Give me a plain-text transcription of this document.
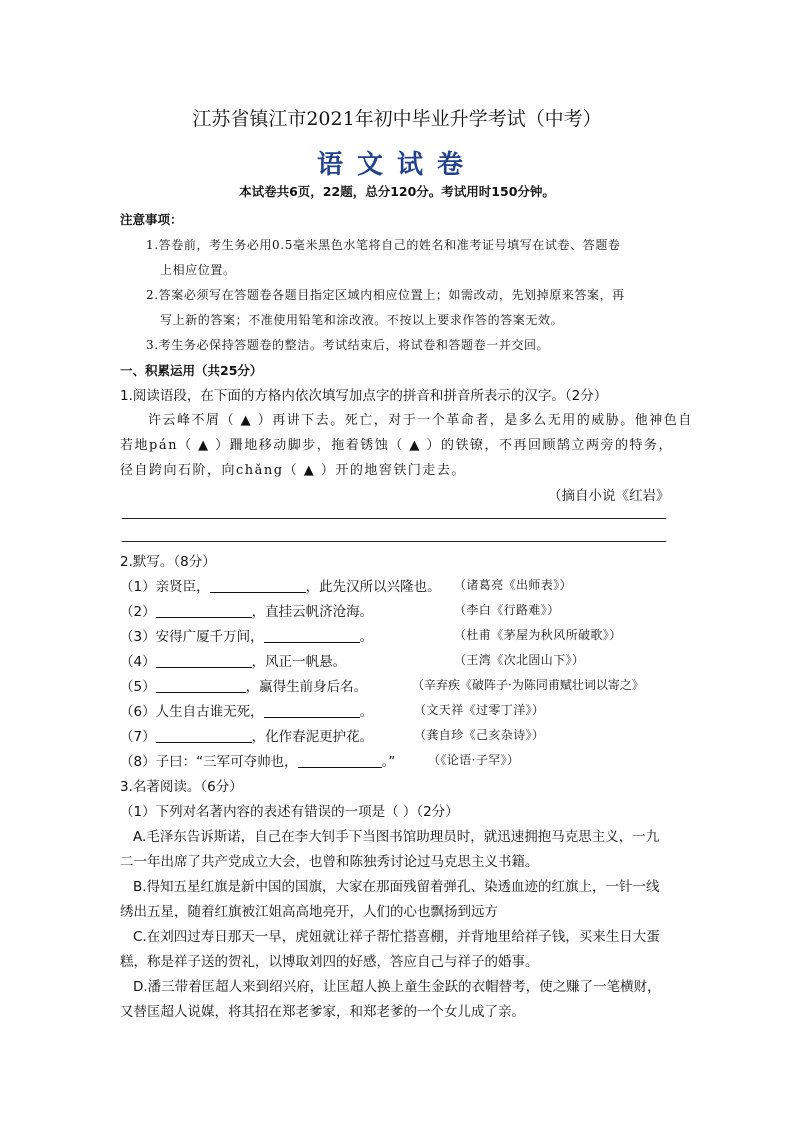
江苏省镇江市2021年初中毕业升学考试（中考）
语文试卷
本试卷共6页，22题，总分120分。考试用时150分钟。
注意事项：
1.答卷前，考生务必用0.5毫米黑色水笔将自己的姓名和准考证号填写在试卷、答题卷
上相应位置。
2.答案必须写在答题卷各题目指定区域内相应位置上；如需改动，先划掉原来答案，再
写上新的答案；不准使用铅笔和涂改液。不按以上要求作答的答案无效。
3.考生务必保持答题卷的整洁。考试结束后，将试卷和答题卷一并交回。
一、积累运用（共25分）
1.阅读语段，在下面的方格内依次填写加点字的拼音和拼音所表示的汉字。（2分）
许云峰不屑（ ▲ ）再讲下去。死亡，对于一个革命者，是多么无用的威胁。他神色自
若地pán（ ▲ ）跚地移动脚步，拖着锈蚀（ ▲ ）的铁镣，不再回顾鹄立两旁的特务，
径自跨向石阶，向chǎng（ ▲ ）开的地窖铁门走去。
（摘自小说《红岩》
2.默写。（8分）
（1）亲贤臣，	，此先汉所以兴隆也。 （诸葛亮《出师表》）
（2）	，直挂云帆济沧海。	（李白《行路难》）
（3）安得广厦千万间，	。	（杜甫《茅屋为秋风所破歌》）
（4）	，风正一帆悬。	（王湾《次北固山下》）
（5）	，赢得生前身后名。	（辛弃疾《破阵子·为陈同甫赋壮词以寄之》
（6）人生自古谁无死，	。	（文天祥《过零丁洋》）
（7）	，化作春泥更护花。	（龚自珍《己亥杂诗》）
（8）子曰：“三军可夺帅也，	。”	（《论语·子罕》）
3.名著阅读。（6分）
（1）下列对名著内容的表述有错误的一项是（ ）（2分）
A.毛泽东告诉斯诺，自己在李大钊手下当图书馆助理员时，就迅速拥抱马克思主义，一九
二一年出席了共产党成立大会，也曾和陈独秀讨论过马克思主义书籍。
B.得知五星红旗是新中国的国旗，大家在那面残留着弹孔、染透血迹的红旗上，一针一线
绣出五星，随着红旗被江姐高高地亮开，人们的心也飘扬到远方
C.在刘四过寿日那天一早，虎妞就让祥子帮忙搭喜棚，并背地里给祥子钱，买来生日大蛋
糕，称是祥子送的贺礼，以博取刘四的好感，答应自己与祥子的婚事。
D.潘三带着匡超人来到绍兴府，让匡超人换上童生金跃的衣帽替考，使之赚了一笔横财，
又替匡超人说媒，将其招在郑老爹家，和郑老爹的一个女儿成了亲。
